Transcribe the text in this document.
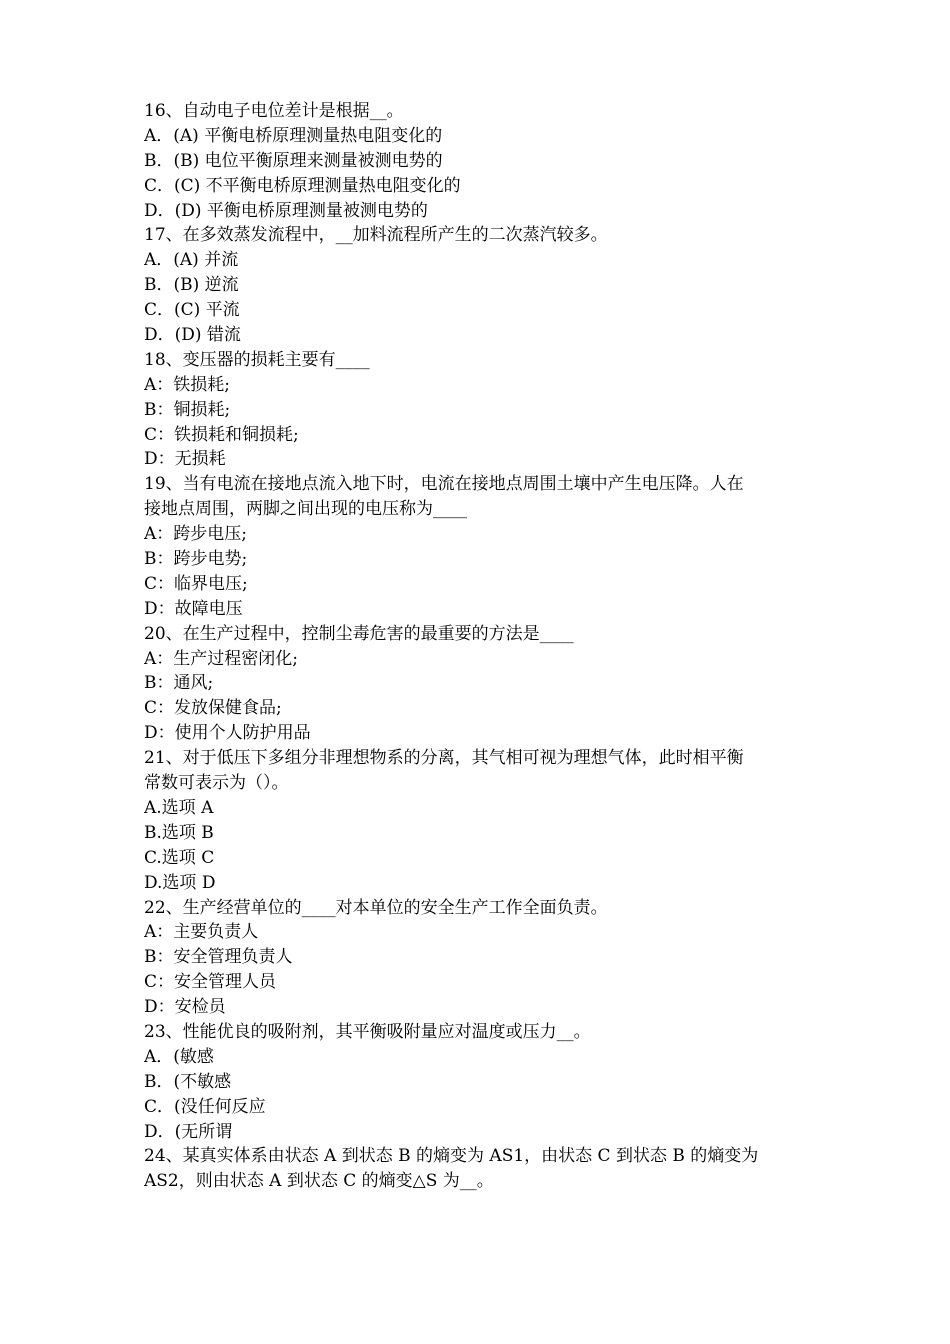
16、自动电子电位差计是根据__。
A．(A) 平衡电桥原理测量热电阻变化的
B．(B) 电位平衡原理来测量被测电势的
C．(C) 不平衡电桥原理测量热电阻变化的
D．(D) 平衡电桥原理测量被测电势的
17、在多效蒸发流程中，__加料流程所产生的二次蒸汽较多。
A．(A) 并流
B．(B) 逆流
C．(C) 平流
D．(D) 错流
18、变压器的损耗主要有____
A：铁损耗;
B：铜损耗;
C：铁损耗和铜损耗;
D：无损耗
19、当有电流在接地点流入地下时，电流在接地点周围土壤中产生电压降。人在
接地点周围，两脚之间出现的电压称为____
A：跨步电压;
B：跨步电势;
C：临界电压;
D：故障电压
20、在生产过程中，控制尘毒危害的最重要的方法是____
A：生产过程密闭化;
B：通风;
C：发放保健食品;
D：使用个人防护用品
21、对于低压下多组分非理想物系的分离，其气相可视为理想气体，此时相平衡
常数可表示为（）。
A.选项 A
B.选项 B
C.选项 C
D.选项 D
22、生产经营单位的____对本单位的安全生产工作全面负责。
A：主要负责人
B：安全管理负责人
C：安全管理人员
D：安检员
23、性能优良的吸附剂，其平衡吸附量应对温度或压力__。
A．(敏感
B．(不敏感
C．(没任何反应
D．(无所谓
24、某真实体系由状态 A 到状态 B 的熵变为 AS1，由状态 C 到状态 B 的熵变为
AS2，则由状态 A 到状态 C 的熵变△S 为__。
